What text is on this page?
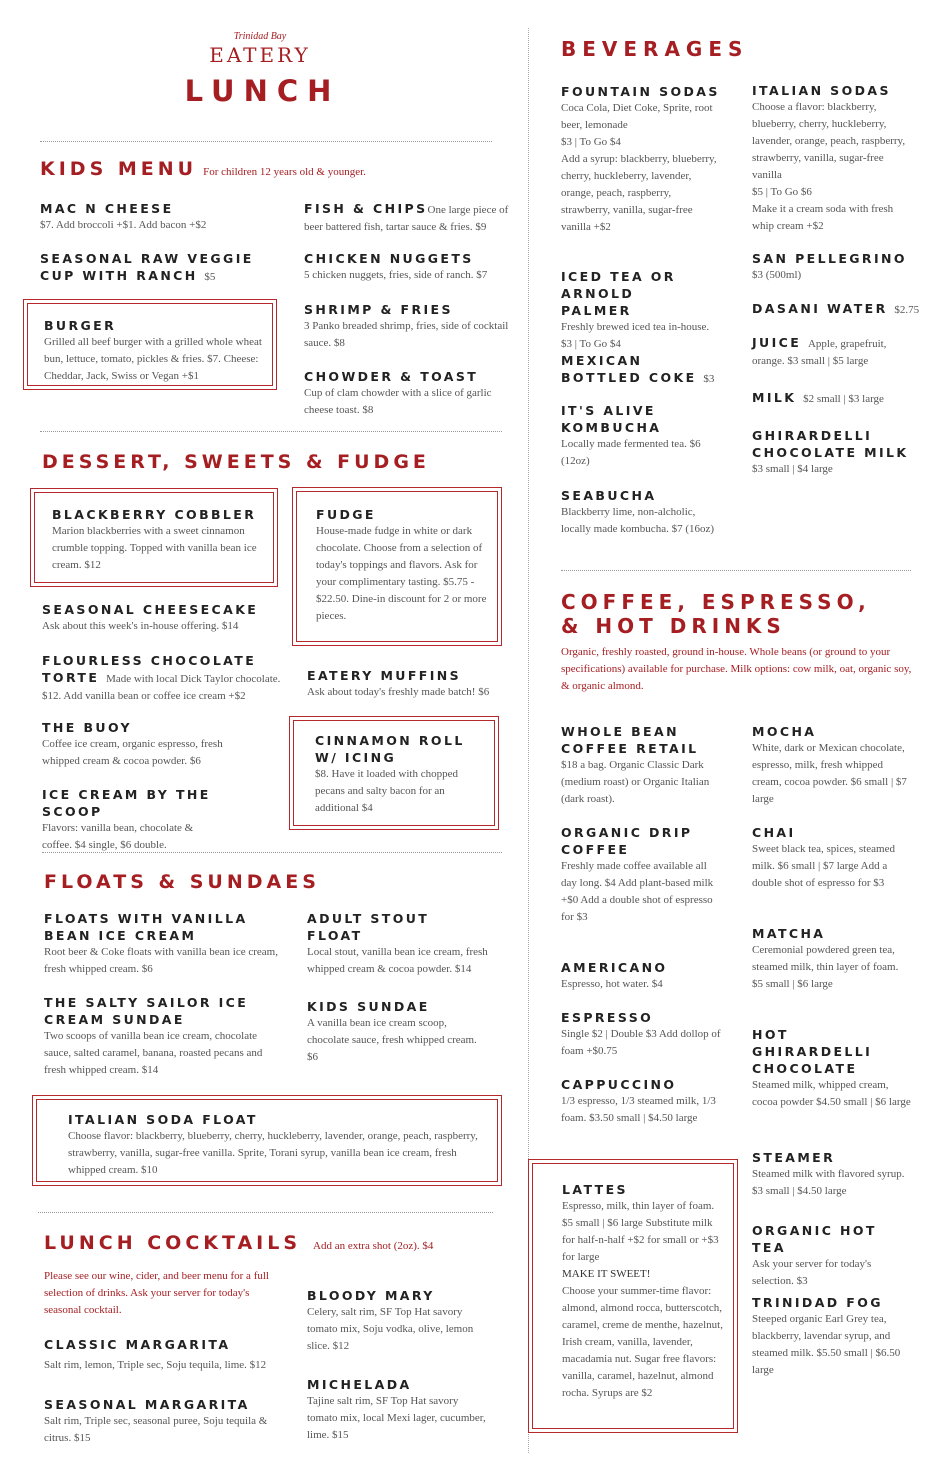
Trinidad Bay
EATERY
LUNCH
KIDS MENU For children 12 years old & younger.
MAC N CHEESE
$7. Add broccoli +$1. Add bacon +$2
FISH & CHIPSOne large piece of
beer battered fish, tartar sauce & fries. $9
SEASONAL RAW VEGGIE CUP WITH RANCH $5
CHICKEN NUGGETS
5 chicken nuggets, fries, side of ranch. $7
BURGER
Grilled all beef burger with a grilled whole wheat bun, lettuce, tomato, pickles & fries. $7. Cheese: Cheddar, Jack, Swiss or Vegan +$1
SHRIMP & FRIES
3 Panko breaded shrimp, fries, side of cocktail sauce. $8
CHOWDER & TOAST
Cup of clam chowder with a slice of garlic cheese toast. $8
DESSERT, SWEETS & FUDGE
BLACKBERRY COBBLER
Marion blackberries with a sweet cinnamon crumble topping. Topped with vanilla bean ice cream. $12
FUDGE
House-made fudge in white or dark chocolate. Choose from a selection of today's toppings and flavors. Ask for your complimentary tasting. $5.75 - $22.50. Dine-in discount for 2 or more pieces.
SEASONAL CHEESECAKE
Ask about this week's in-house offering. $14
FLOURLESS CHOCOLATE
TORTE Made with local Dick Taylor chocolate.
$12. Add vanilla bean or coffee ice cream +$2
EATERY MUFFINS
Ask about today's freshly made batch! $6
THE BUOY
Coffee ice cream, organic espresso, fresh whipped cream & cocoa powder. $6
CINNAMON ROLL W/ ICING
$8. Have it loaded with chopped pecans and salty bacon for an additional $4
ICE CREAM BY THE SCOOP
Flavors: vanilla bean, chocolate & coffee. $4 single, $6 double.
FLOATS & SUNDAES
FLOATS WITH VANILLA BEAN ICE CREAM
Root beer & Coke floats with vanilla bean ice cream, fresh whipped cream. $6
ADULT STOUT FLOAT
Local stout, vanilla bean ice cream, fresh whipped cream & cocoa powder. $14
THE SALTY SAILOR ICE CREAM SUNDAE
Two scoops of vanilla bean ice cream, chocolate sauce, salted caramel, banana, roasted pecans and fresh whipped cream. $14
KIDS SUNDAE
A vanilla bean ice cream scoop, chocolate sauce, fresh whipped cream. $6
ITALIAN SODA FLOAT
Choose flavor: blackberry, blueberry, cherry, huckleberry, lavender, orange, peach, raspberry, strawberry, vanilla, sugar-free vanilla. Sprite, Torani syrup, vanilla bean ice cream, fresh whipped cream. $10
LUNCH COCKTAILS Add an extra shot (2oz). $4
Please see our wine, cider, and beer menu for a full selection of drinks. Ask your server for today's seasonal cocktail.
BLOODY MARY
Celery, salt rim, SF Top Hat savory tomato mix, Soju vodka, olive, lemon slice. $12
CLASSIC MARGARITA
Salt rim, lemon, Triple sec, Soju tequila, lime. $12
MICHELADA
Tajine salt rim, SF Top Hat savory tomato mix, local Mexi lager, cucumber, lime. $15
SEASONAL MARGARITA
Salt rim, Triple sec, seasonal puree, Soju tequila & citrus. $15
BEVERAGES
FOUNTAIN SODAS
Coca Cola, Diet Coke, Sprite, root beer, lemonade
$3 | To Go $4
Add a syrup: blackberry, blueberry, cherry, huckleberry, lavender, orange, peach, raspberry, strawberry, vanilla, sugar-free vanilla +$2
ITALIAN SODAS
Choose a flavor: blackberry, blueberry, cherry, huckleberry, lavender, orange, peach, raspberry, strawberry, vanilla, sugar-free vanilla
$5 | To Go $6
Make it a cream soda with fresh whip cream +$2
ICED TEA OR ARNOLD PALMER
Freshly brewed iced tea in-house. $3 | To Go $4
SAN PELLEGRINO
$3 (500ml)
DASANI WATER $2.75
JUICE Apple, grapefruit,
orange. $3 small | $5 large
MEXICAN BOTTLED COKE $3
MILK $2 small | $3 large
IT'S ALIVE KOMBUCHA
Locally made fermented tea. $6 (12oz)
GHIRARDELLI CHOCOLATE MILK
$3 small | $4 large
SEABUCHA
Blackberry lime, non-alcholic, locally made kombucha. $7 (16oz)
COFFEE, ESPRESSO,
& HOT DRINKS
Organic, freshly roasted, ground in-house. Whole beans (or ground to your specifications) available for purchase. Milk options: cow milk, oat, organic soy, & organic almond.
WHOLE BEAN COFFEE RETAIL
$18 a bag. Organic Classic Dark (medium roast) or Organic Italian (dark roast).
MOCHA
White, dark or Mexican chocolate, espresso, milk, fresh whipped cream, cocoa powder. $6 small | $7 large
ORGANIC DRIP COFFEE
Freshly made coffee available all day long. $4 Add plant-based milk +$0 Add a double shot of espresso for $3
CHAI
Sweet black tea, spices, steamed milk. $6 small | $7 large Add a double shot of espresso for $3
AMERICANO
Espresso, hot water. $4
MATCHA
Ceremonial powdered green tea, steamed milk, thin layer of foam. $5 small | $6 large
ESPRESSO
Single $2 | Double $3 Add dollop of foam +$0.75
HOT GHIRARDELLI CHOCOLATE
Steamed milk, whipped cream, cocoa powder $4.50 small | $6 large
CAPPUCCINO
1/3 espresso, 1/3 steamed milk, 1/3 foam. $3.50 small | $4.50 large
STEAMER
Steamed milk with flavored syrup. $3 small | $4.50 large
LATTES
Espresso, milk, thin layer of foam. $5 small | $6 large Substitute milk for half-n-half +$2 for small or +$3 for large
MAKE IT SWEET!
Choose your summer-time flavor: almond, almond rocca, butterscotch, caramel, creme de menthe, hazelnut, Irish cream, vanilla, lavender, macadamia nut. Sugar free flavors: vanilla, caramel, hazelnut, almond rocha. Syrups are $2
ORGANIC HOT TEA
Ask your server for today's selection. $3
TRINIDAD FOG
Steeped organic Earl Grey tea, blackberry, lavendar syrup, and steamed milk. $5.50 small | $6.50 large
